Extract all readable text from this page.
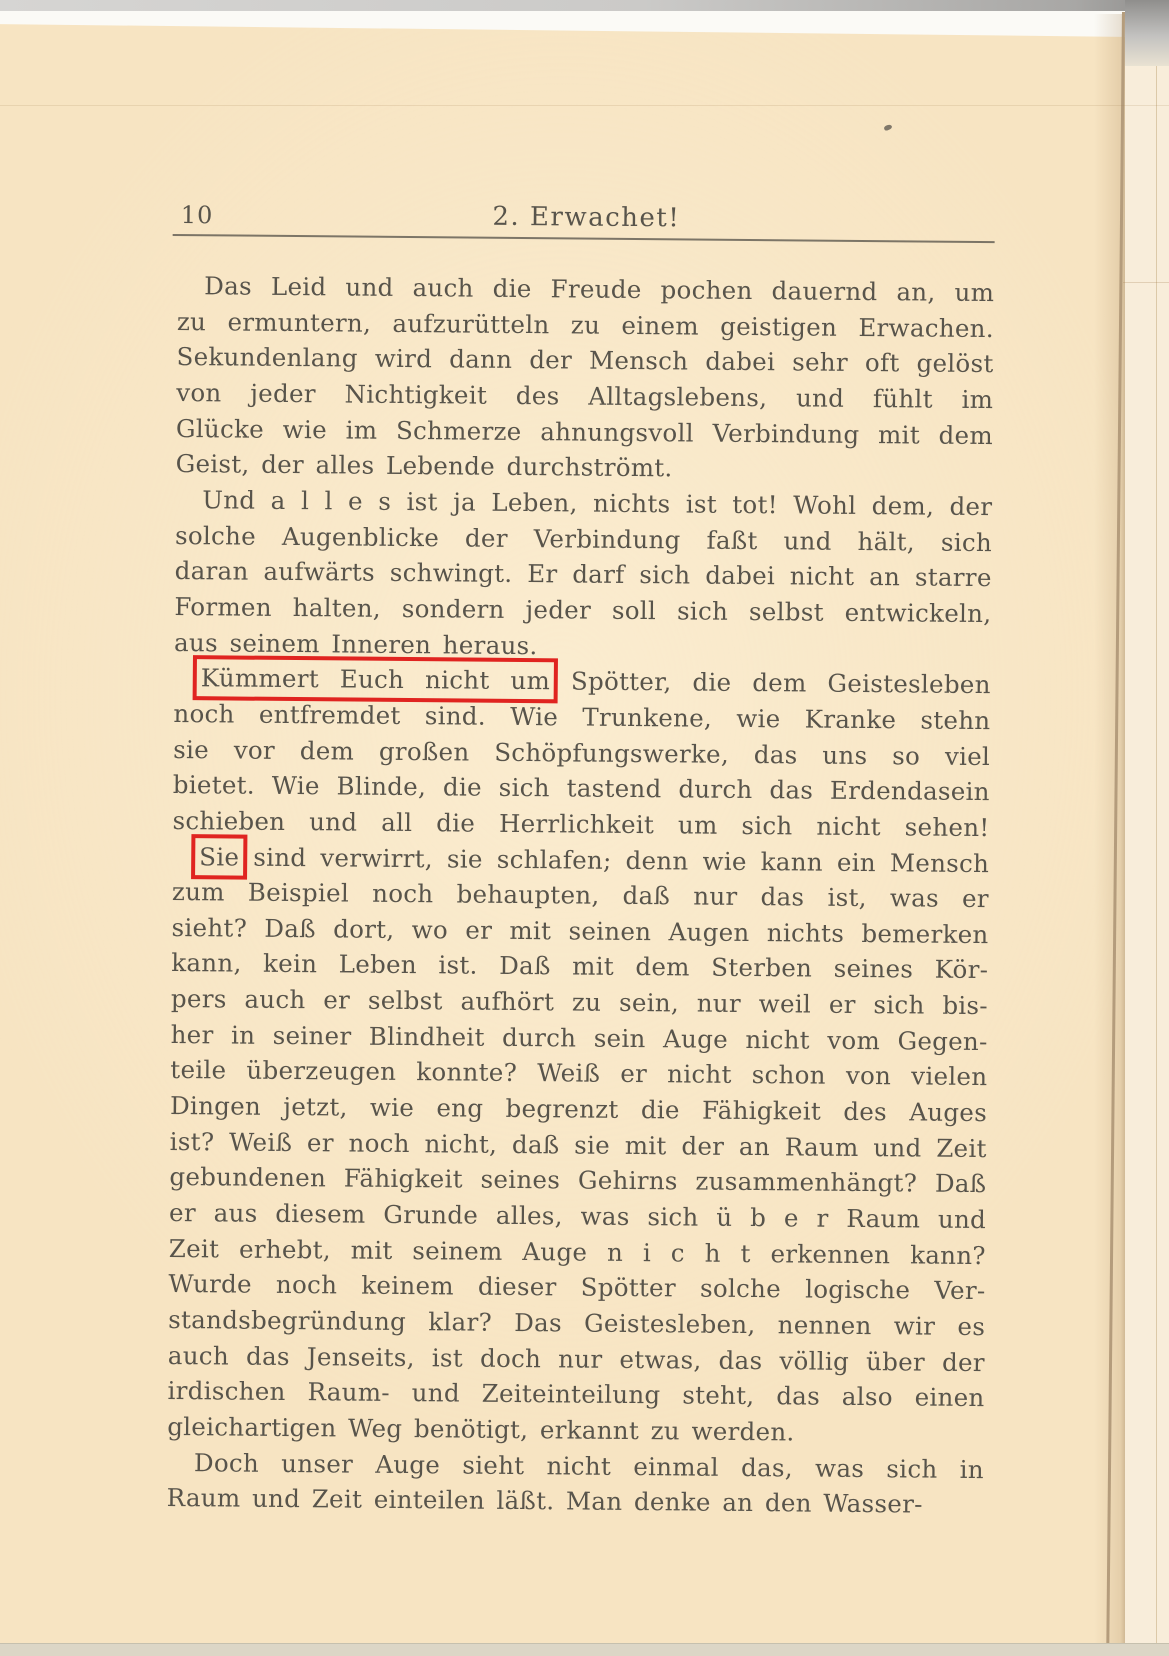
10	2. Erwachet!
Das Leid und auch die Freude pochen dauernd an, um
zu ermuntern, aufzurütteln zu einem geistigen Erwachen.
Sekundenlang wird dann der Mensch dabei sehr oft gelöst
von jeder Nichtigkeit des Alltagslebens, und fühlt im
Glücke wie im Schmerze ahnungsvoll Verbindung mit dem
Geist, der alles Lebende durchströmt.
Und a l l e s ist ja Leben, nichts ist tot! Wohl dem, der
solche Augenblicke der Verbindung faßt und hält, sich
daran aufwärts schwingt. Er darf sich dabei nicht an starre
Formen halten, sondern jeder soll sich selbst entwickeln,
aus seinem Inneren heraus.
Kümmert Euch nicht um Spötter, die dem Geistesleben
noch entfremdet sind. Wie Trunkene, wie Kranke stehn
sie vor dem großen Schöpfungswerke, das uns so viel
bietet. Wie Blinde, die sich tastend durch das Erdendasein
schieben und all die Herrlichkeit um sich nicht sehen!
Sie sind verwirrt, sie schlafen; denn wie kann ein Mensch
zum Beispiel noch behaupten, daß nur das ist, was er
sieht? Daß dort, wo er mit seinen Augen nichts bemerken
kann, kein Leben ist. Daß mit dem Sterben seines Kör-
pers auch er selbst aufhört zu sein, nur weil er sich bis-
her in seiner Blindheit durch sein Auge nicht vom Gegen-
teile überzeugen konnte? Weiß er nicht schon von vielen
Dingen jetzt, wie eng begrenzt die Fähigkeit des Auges
ist? Weiß er noch nicht, daß sie mit der an Raum und Zeit
gebundenen Fähigkeit seines Gehirns zusammenhängt? Daß
er aus diesem Grunde alles, was sich ü b e r Raum und
Zeit erhebt, mit seinem Auge n i c h t erkennen kann?
Wurde noch keinem dieser Spötter solche logische Ver-
standsbegründung klar? Das Geistesleben, nennen wir es
auch das Jenseits, ist doch nur etwas, das völlig über der
irdischen Raum- und Zeiteinteilung steht, das also einen
gleichartigen Weg benötigt, erkannt zu werden.
Doch unser Auge sieht nicht einmal das, was sich in
Raum und Zeit einteilen läßt. Man denke an den Wasser-
